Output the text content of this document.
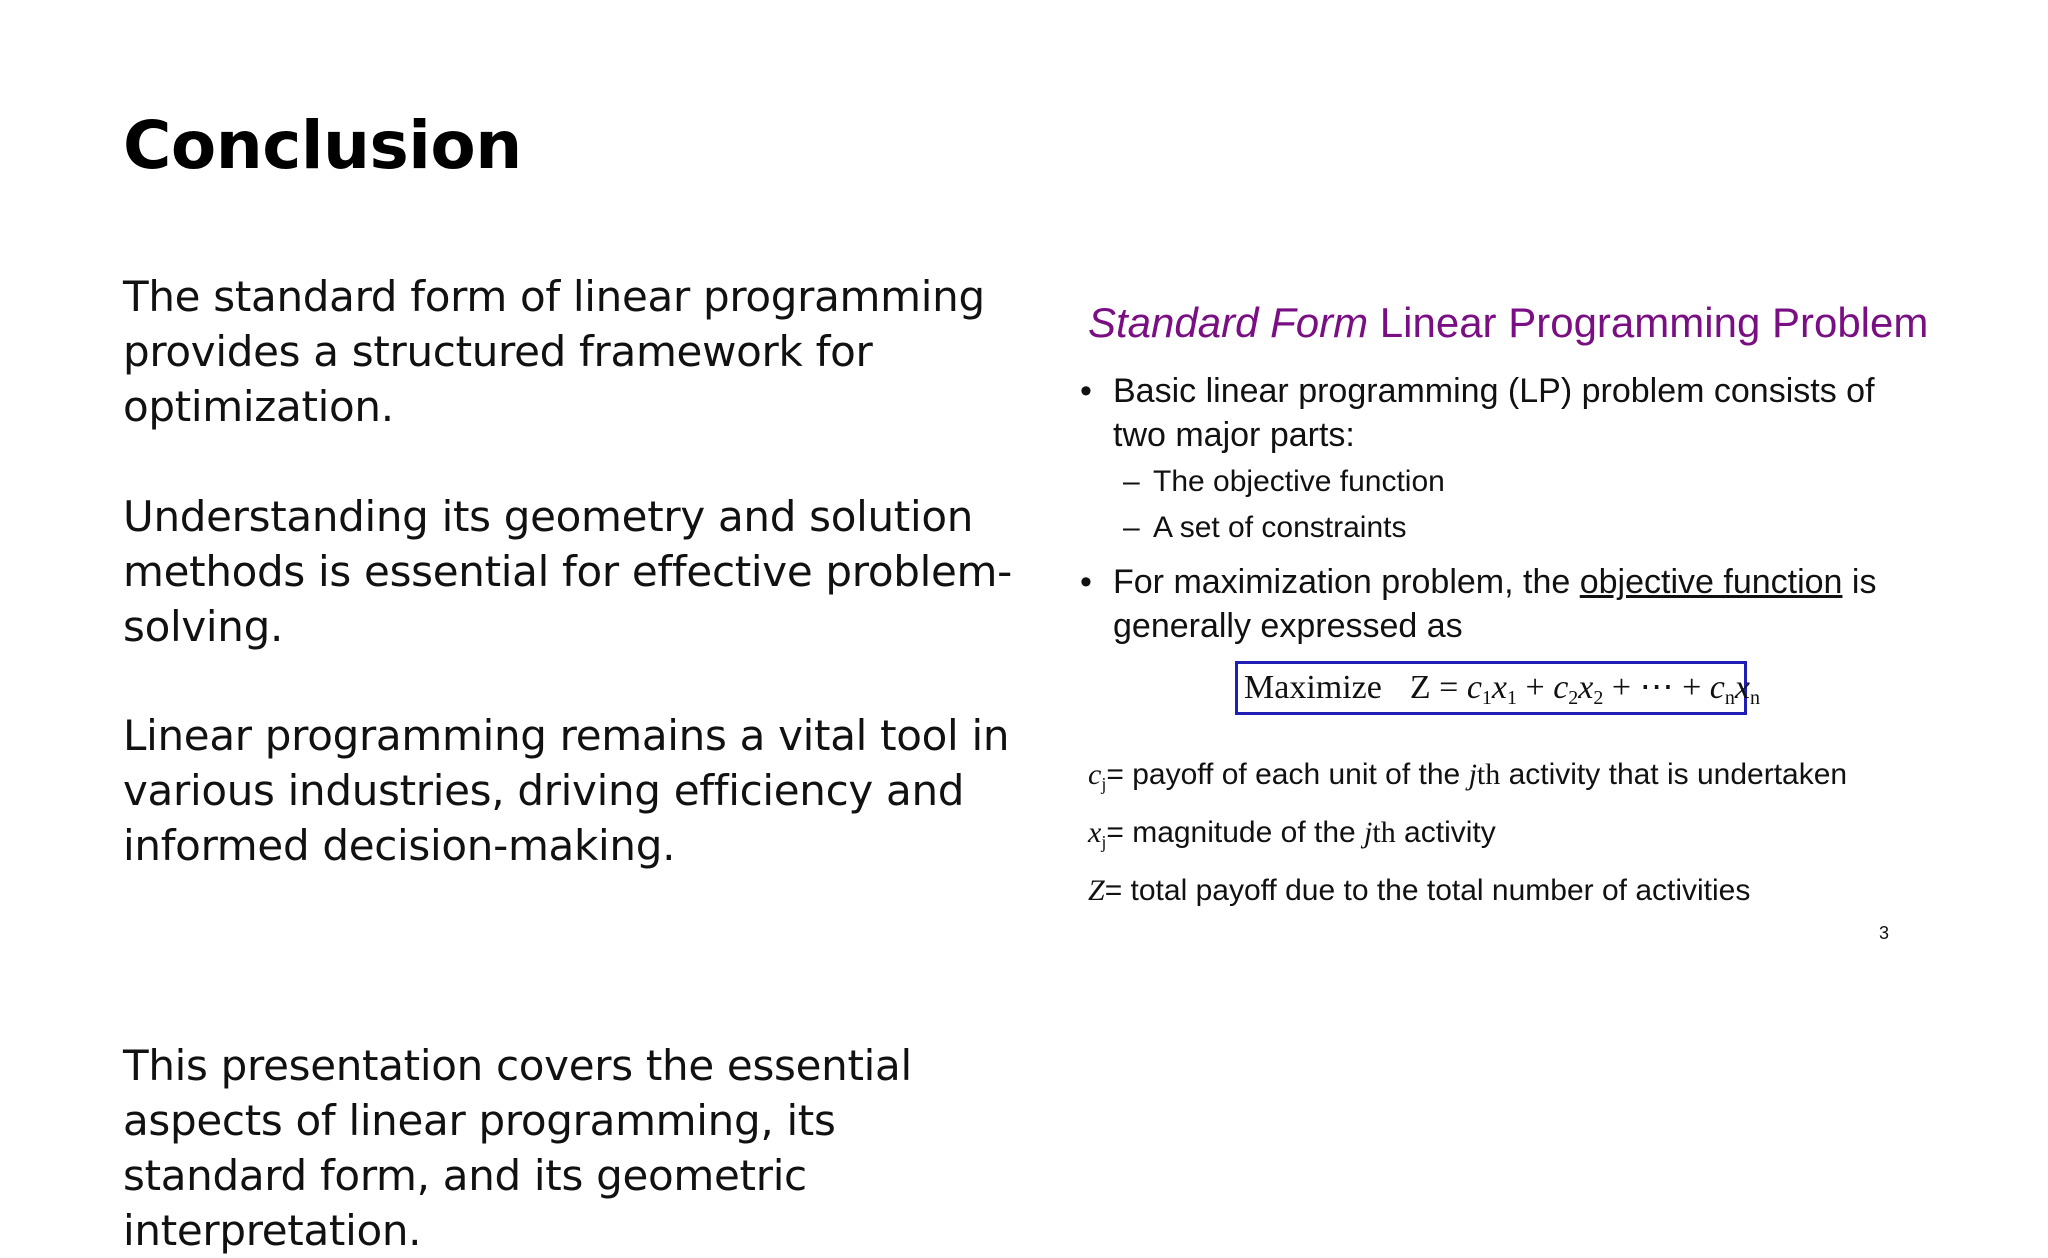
Conclusion

The standard form of linear programming provides a structured framework for optimization.

Understanding its geometry and solution methods is essential for effective problem-solving.

Linear programming remains a vital tool in various industries, driving efficiency and informed decision-making.

This presentation covers the essential aspects of linear programming, its standard form, and its geometric interpretation.

Standard Form Linear Programming Problem
• Basic linear programming (LP) problem consists of two major parts:

– The objective function
– A set of constraints
• For maximization problem, the objective function is generally expressed as

Maximize $Z = c_1x_1 + c_2x_2$ + ⋯ + $c_nx_n$
$c_j=$ payoff of each unit of the jth activity that is undertaken
$x_j=$ magnitude of the jth activity
Z= total payoff due to the total number of activities
3
